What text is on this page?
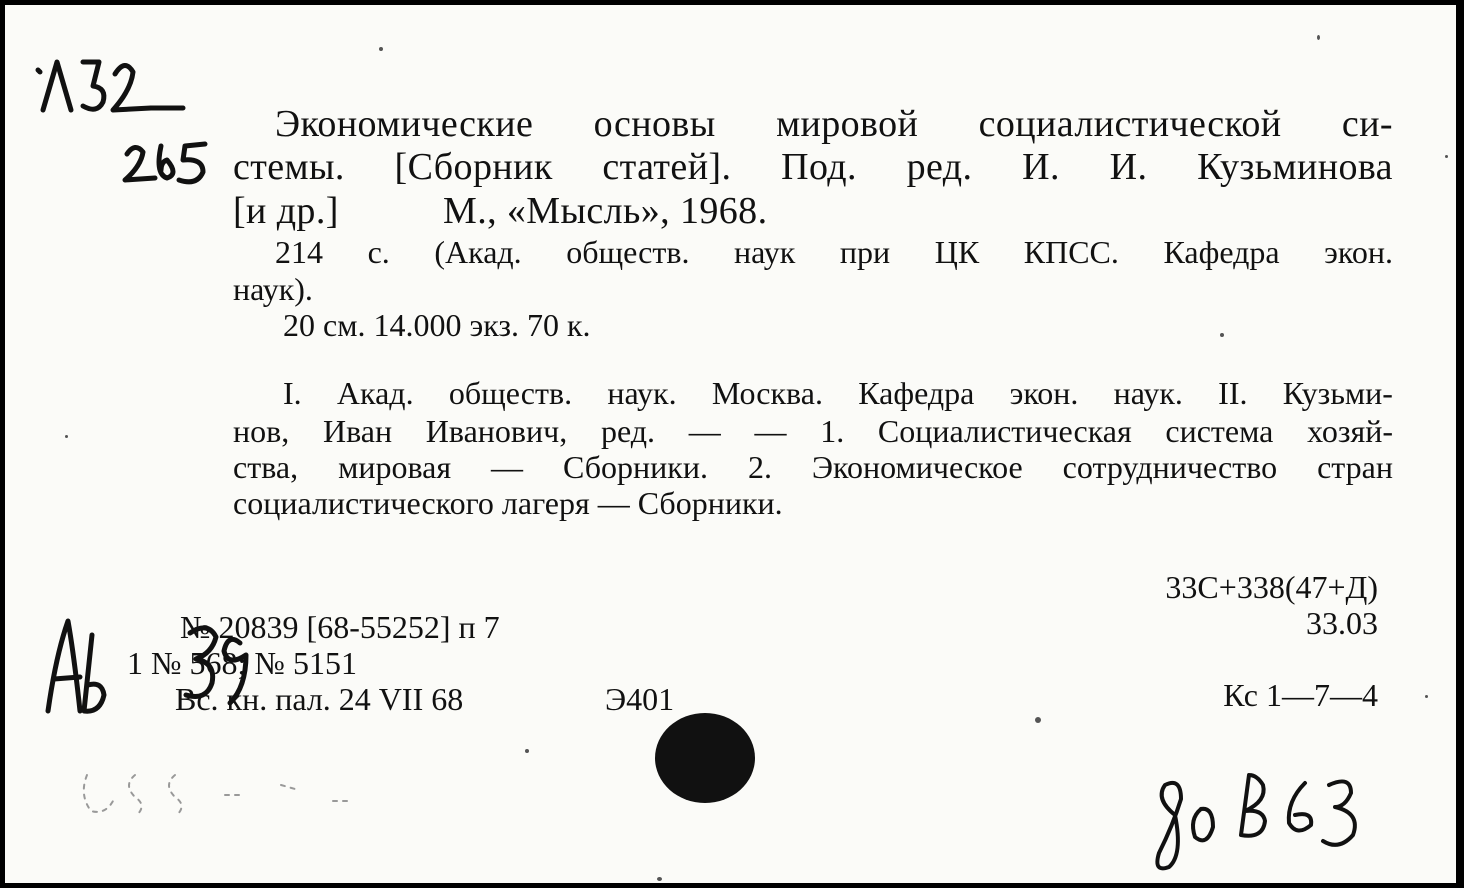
Экономические основы мировой социалистической си-
стемы. [Сборник статей]. Под. ред. И. И. Кузьминова
[и др.]	М., «Мысль», 1968.
214 с. (Акад. обществ. наук при ЦК КПСС. Кафедра экон.
наук).
20 см. 14.000 экз. 70 к.
I. Акад. обществ. наук. Москва. Кафедра экон. наук. II. Кузьми-
нов, Иван Иванович, ред. — — 1. Социалистическая система хозяй-
ства, мировая — Сборники. 2. Экономическое сотрудничество стран
социалистического лагеря — Сборники.
№ 20839 [68-55252] п 7
1 № 568; № 5151
Вс. кн. пал. 24 VII 68	Э401
33С+338(47+Д)
33.03
Кс 1—7—4
